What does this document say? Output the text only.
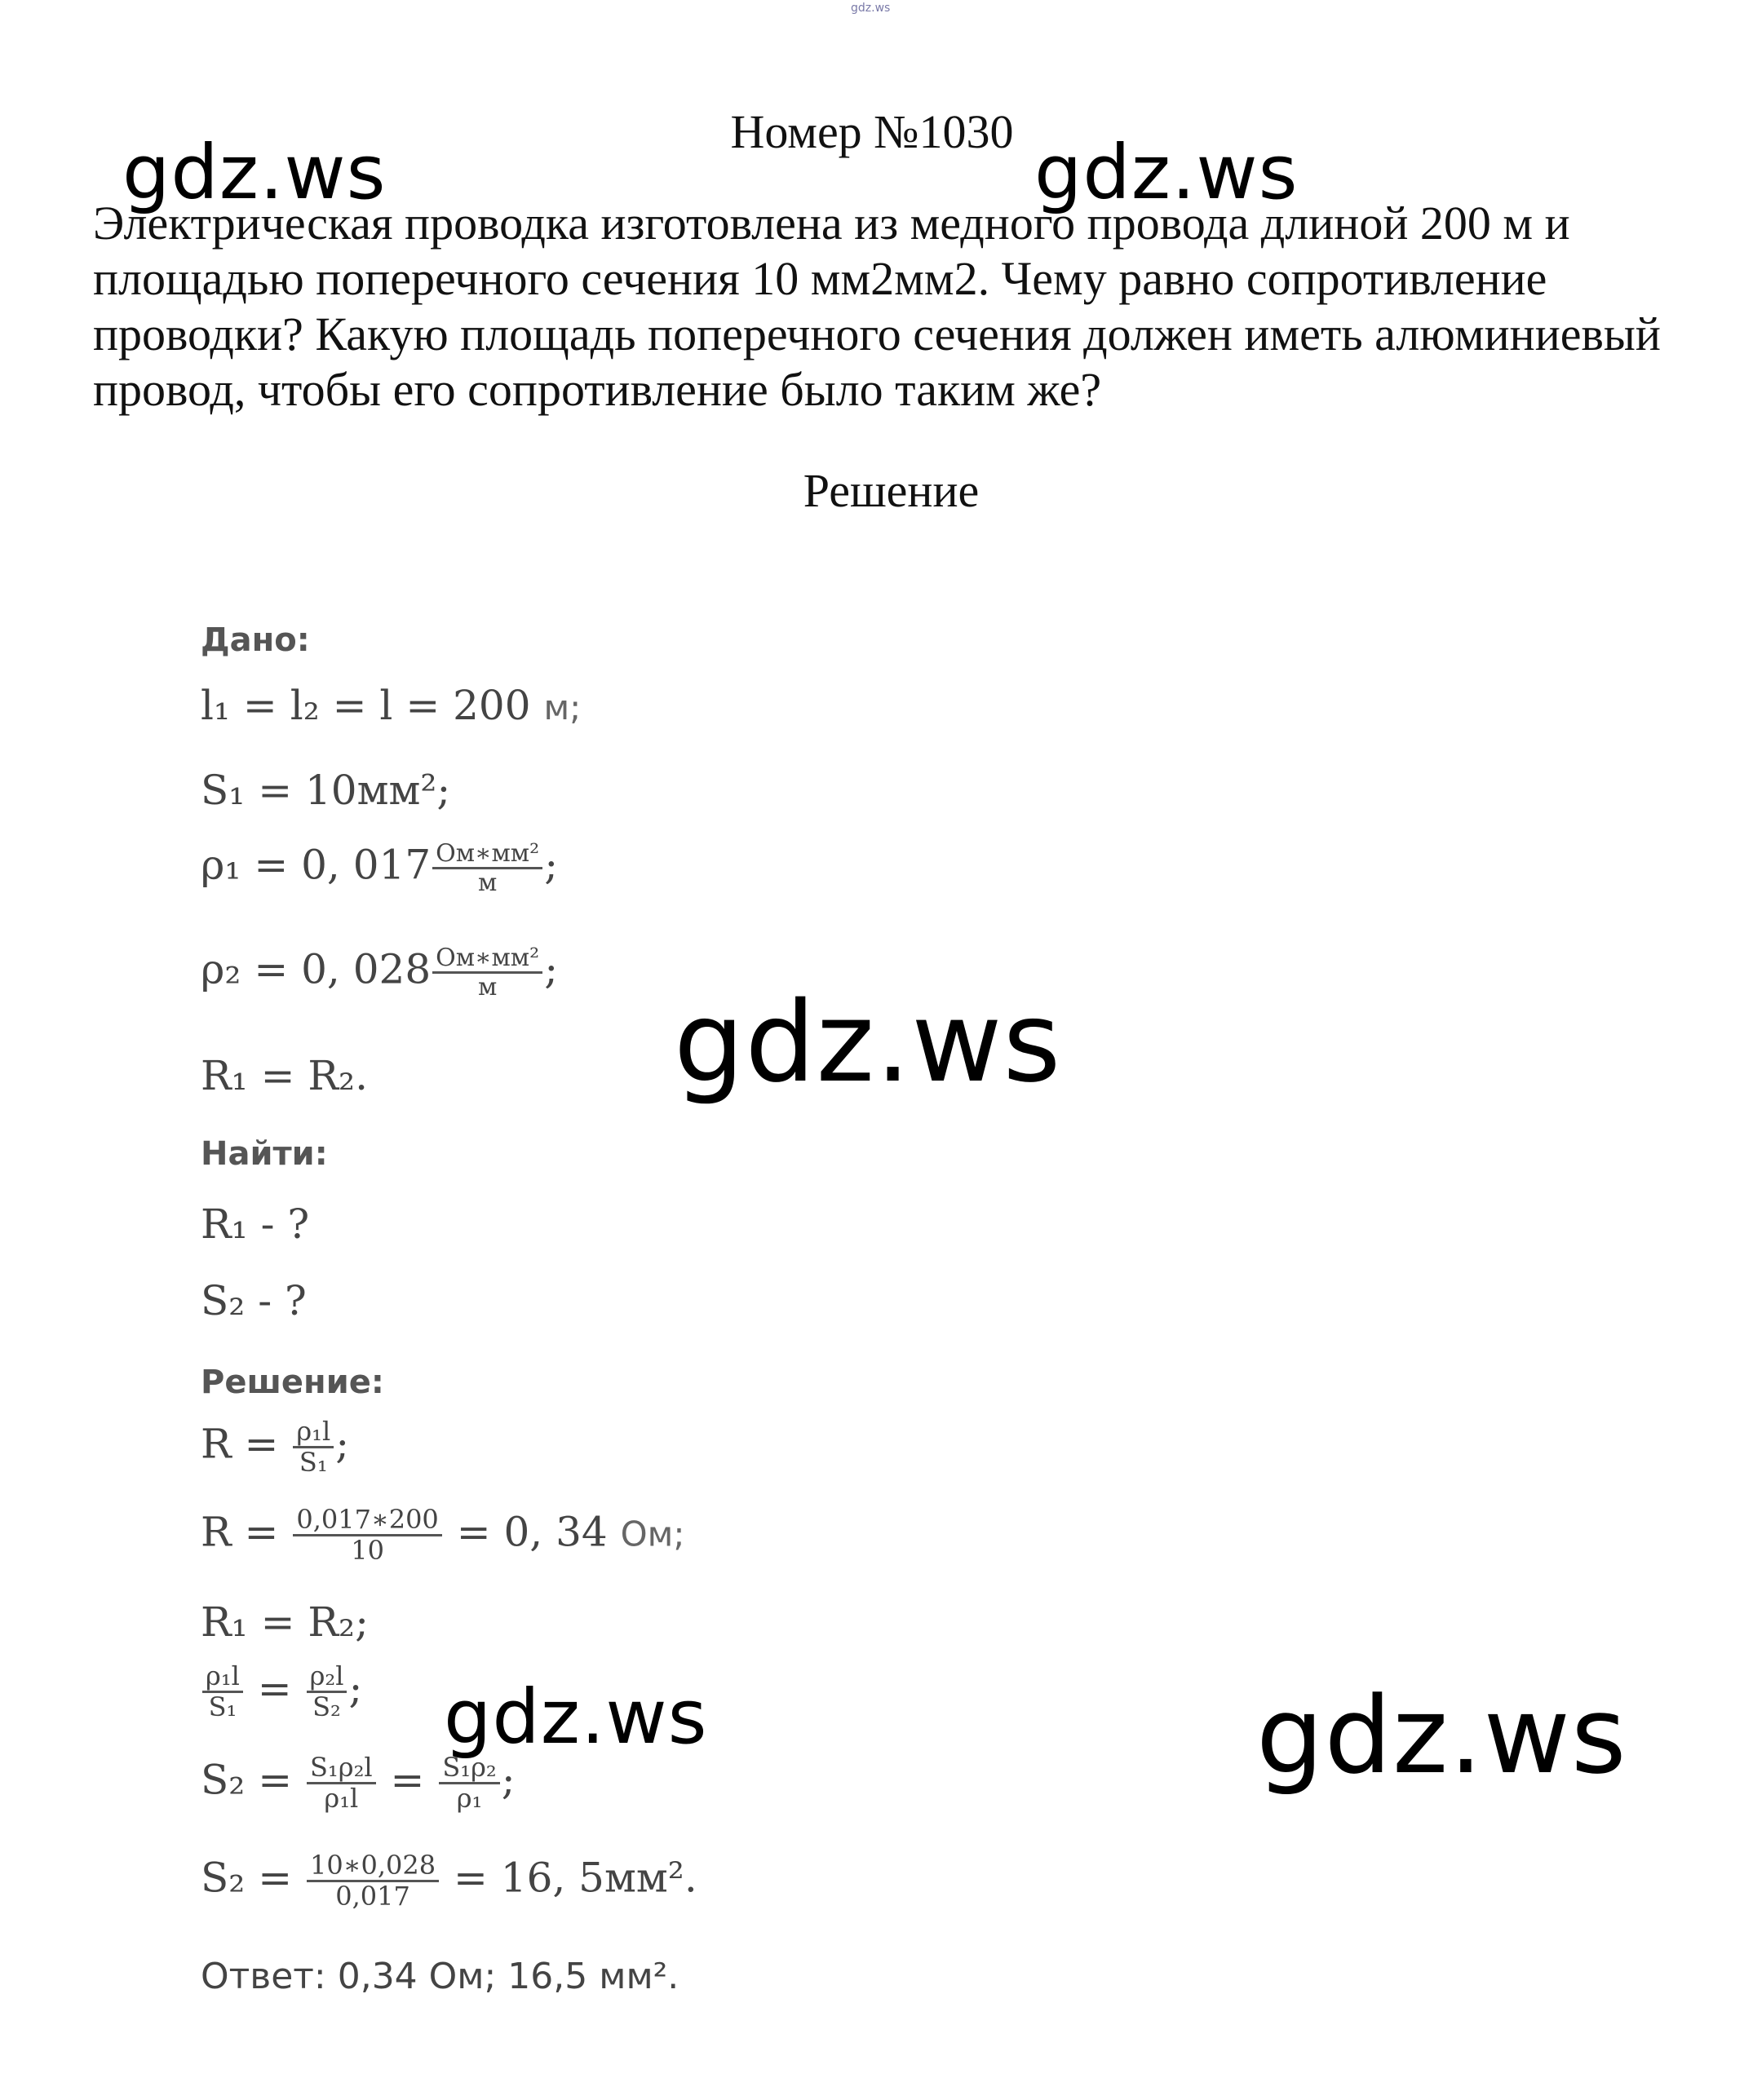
gdz.ws
Номер №1030
Электрическая проводка изготовлена из медного провода длиной 200 м и площадью поперечного сечения 10 мм2мм2. Чему равно сопротивление проводки? Какую площадь поперечного сечения должен иметь алюминиевый провод, чтобы его сопротивление было таким же?
Решение
gdz.ws	gdz.ws
gdz.ws
gdz.ws	gdz.ws
Дано:
l₁ = l₂ = l = 200 м;
S₁ = 10мм²;
ρ₁ = 0, $017 \frac{\text{Ом∗мм²}}{м}$ ;
ρ₂ = 0, $028 \frac{\text{Ом∗мм²}}{м}$ ;
R₁ = R₂.
Найти:
R₁ - ?
S₂ - ?
Решение:
$R = \frac{\text{ρ₁l}}{\text{S₁}}$ ;
$R = \frac{0,017∗200}{10} = 0$, 34 Ом;
R₁ = R₂;
$\frac{\text{ρ₁l}}{\text{S₁}} = \frac{\text{ρ₂l}}{\text{S₂}}$ ;
$S_2 = \frac{\text{S₁ρ₂l}}{\text{ρ₁l}} = \frac{\text{S₁ρ₂}}{\text{ρ₁}}$ ;
$S_2 = \frac{10∗0,028}{0,017} = 16$, 5мм².
Ответ: 0,34 Ом; 16,5 мм².
